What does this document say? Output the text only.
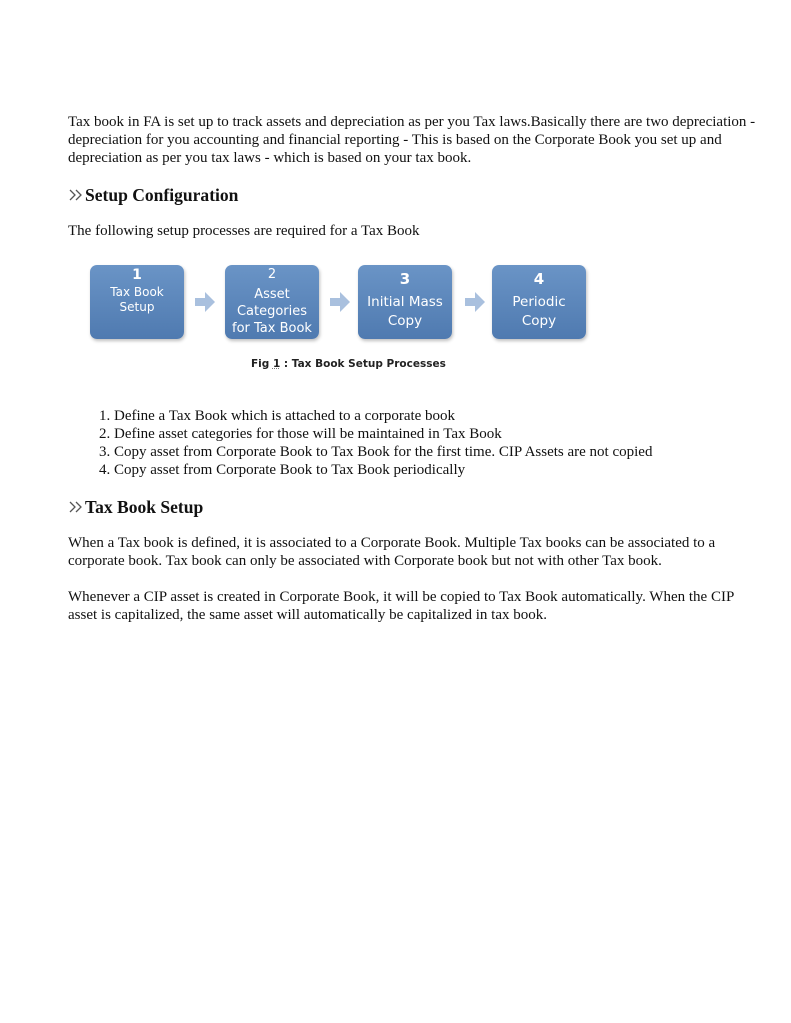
Tax book in FA is set up to track assets and depreciation as per you Tax laws.Basically there are two depreciation - depreciation for you accounting and financial reporting - This is based on the Corporate Book you set up and depreciation as per you tax laws - which is based on your tax book.

Setup Configuration

The following setup processes are required for a Tax Book

1
Tax Book Setup
2
Asset Categories for Tax Book
3
Initial Mass Copy
4
Periodic Copy
Fig 1 : Tax Book Setup Processes
1. Define a Tax Book which is attached to a corporate book
2. Define asset categories for those will be maintained in Tax Book
3. Copy asset from Corporate Book to Tax Book for the first time. CIP Assets are not copied
4. Copy asset from Corporate Book to Tax Book periodically
Tax Book Setup

When a Tax book is defined, it is associated to a Corporate Book. Multiple Tax books can be associated to a corporate book. Tax book can only be associated with Corporate book but not with other Tax book.

Whenever a CIP asset is created in Corporate Book, it will be copied to Tax Book automatically. When the CIP asset is capitalized, the same asset will automatically be capitalized in tax book.
